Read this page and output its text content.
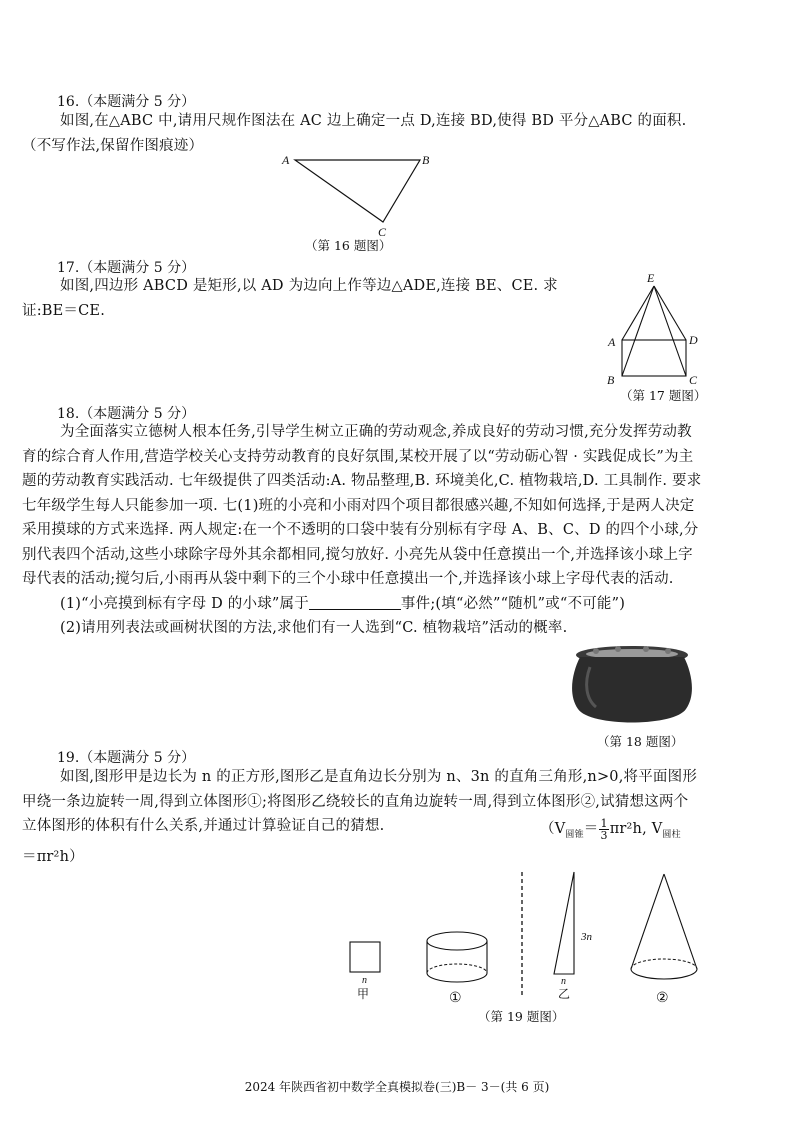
16.（本题满分 5 分）
如图,在△ABC 中,请用尺规作图法在 AC 边上确定一点 D,连接 BD,使得 BD 平分△ABC 的面积.（不写作法,保留作图痕迹）
A	B
C
（第 16 题图）
17.（本题满分 5 分）
如图,四边形 ABCD 是矩形,以 AD 为边向上作等边△ADE,连接 BE、CE. 求证:BE＝CE.
E
A	D
B	C
（第 17 题图）
18.（本题满分 5 分）
为全面落实立德树人根本任务,引导学生树立正确的劳动观念,养成良好的劳动习惯,充分发挥劳动教育的综合育人作用,营造学校关心支持劳动教育的良好氛围,某校开展了以“劳动砺心智 · 实践促成长”为主题的劳动教育实践活动. 七年级提供了四类活动:A. 物品整理,B. 环境美化,C. 植物栽培,D. 工具制作. 要求七年级学生每人只能参加一项. 七(1)班的小亮和小雨对四个项目都很感兴趣,不知如何选择,于是两人决定采用摸球的方式来选择. 两人规定:在一个不透明的口袋中装有分别标有字母 A、B、C、D 的四个小球,分别代表四个活动,这些小球除字母外其余都相同,搅匀放好. 小亮先从袋中任意摸出一个,并选择该小球上字母代表的活动;搅匀后,小雨再从袋中剩下的三个小球中任意摸出一个,并选择该小球上字母代表的活动.
(1)“小亮摸到标有字母 D 的小球”属于	事件;(填“必然”“随机”或“不可能”)
(2)请用列表法或画树状图的方法,求他们有一人选到“C. 植物栽培”活动的概率.
（第 18 题图）
19.（本题满分 5 分）
如图,图形甲是边长为 n 的正方形,图形乙是直角边长分别为 n、3n 的直角三角形,n>0,将平面图形甲绕一条边旋转一周,得到立体图形①;将图形乙绕较长的直角边旋转一周,得到立体图形②,试猜想这两个立体图形的体积有什么关系,并通过计算验证自己的猜想.	（$V_{圆锥}= \frac{1}{3} \pi r^2h$, $V_{圆柱}$
＝πr²h）
n
甲	①
3n
n
乙	②
（第 19 题图）
2024 年陕西省初中数学全真模拟卷(三)B－ 3－(共 6 页)
